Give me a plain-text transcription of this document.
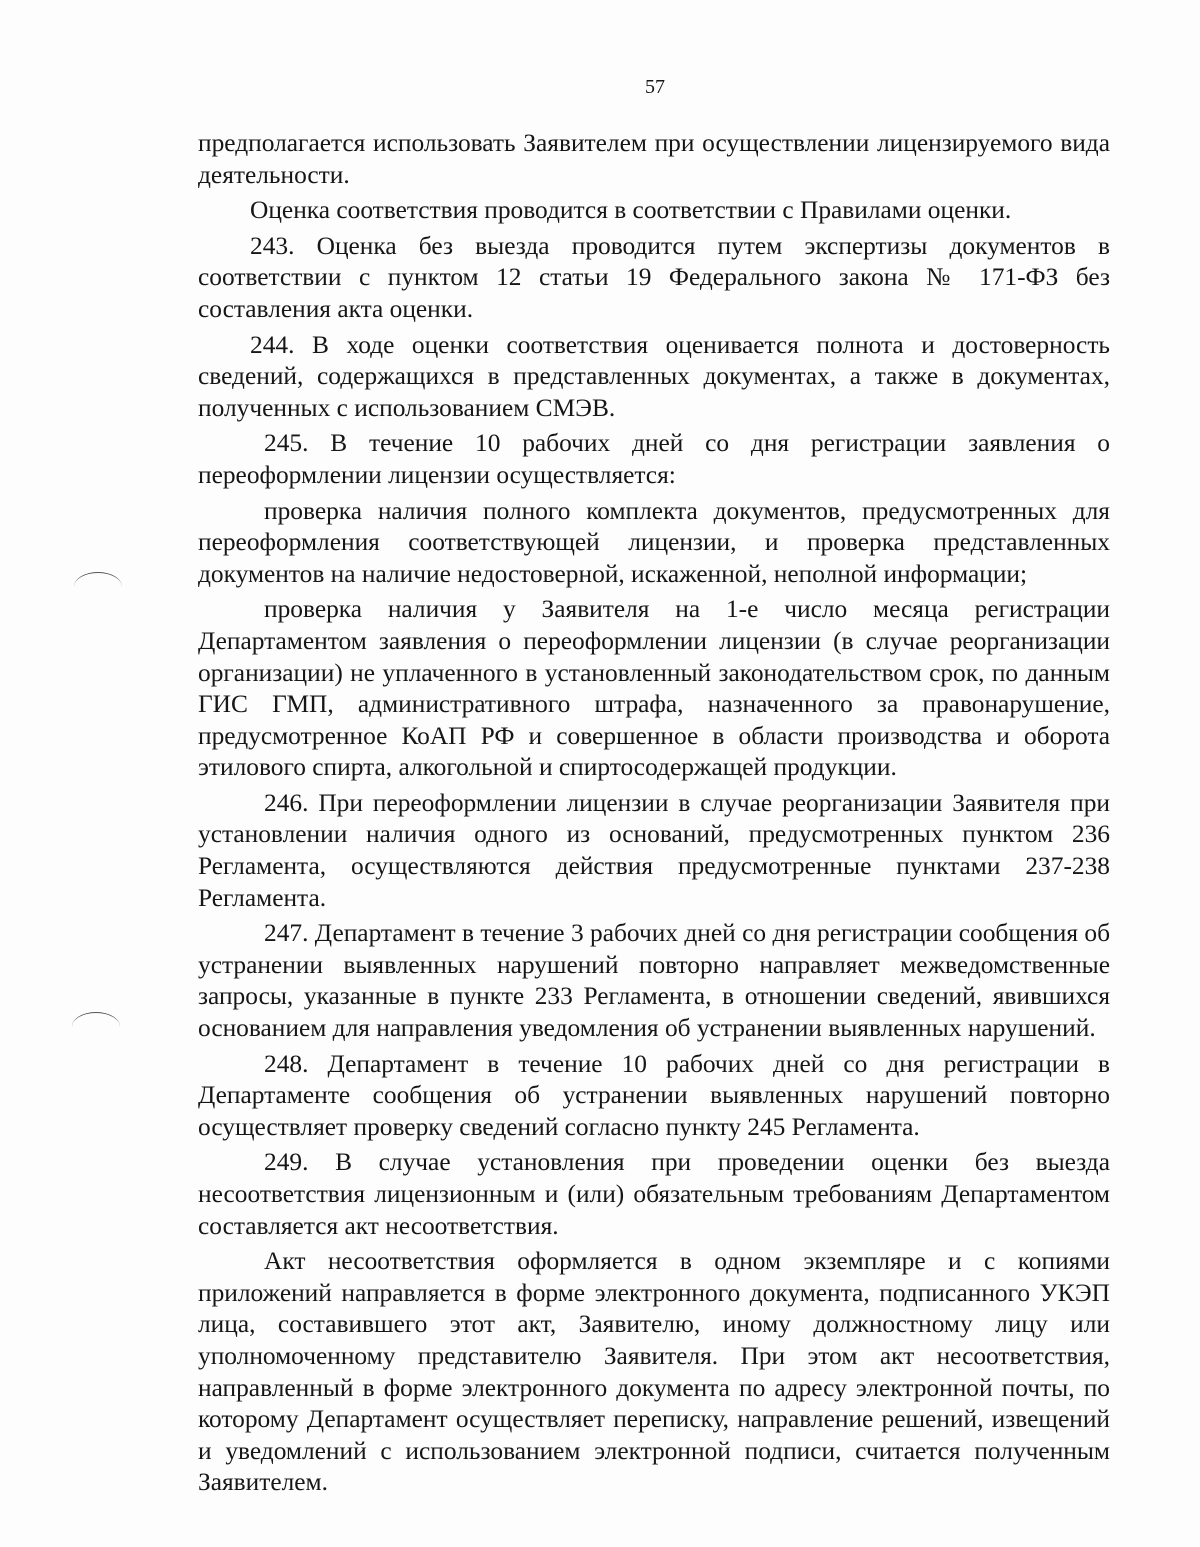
57

предполагается использовать Заявителем при осуществлении лицензируемого вида деятельности.

Оценка соответствия проводится в соответствии с Правилами оценки.

243. Оценка без выезда проводится путем экспертизы документов в соответствии с пунктом 12 статьи 19 Федерального закона № 171-ФЗ без составления акта оценки.

244. В ходе оценки соответствия оценивается полнота и достоверность сведений, содержащихся в представленных документах, а также в документах, полученных с использованием СМЭВ.

245. В течение 10 рабочих дней со дня регистрации заявления о переоформлении лицензии осуществляется:

проверка наличия полного комплекта документов, предусмотренных для переоформления соответствующей лицензии, и проверка представленных документов на наличие недостоверной, искаженной, неполной информации;

проверка наличия у Заявителя на 1-е число месяца регистрации Департаментом заявления о переоформлении лицензии (в случае реорганизации организации) не уплаченного в установленный законодательством срок, по данным ГИС ГМП, административного штрафа, назначенного за правонарушение, предусмотренное КоАП РФ и совершенное в области производства и оборота этилового спирта, алкогольной и спиртосодержащей продукции.

246. При переоформлении лицензии в случае реорганизации Заявителя при установлении наличия одного из оснований, предусмотренных пунктом 236 Регламента, осуществляются действия предусмотренные пунктами 237-238 Регламента.

247. Департамент в течение 3 рабочих дней со дня регистрации сообщения об устранении выявленных нарушений повторно направляет межведомственные запросы, указанные в пункте 233 Регламента, в отношении сведений, явившихся основанием для направления уведомления об устранении выявленных нарушений.

248. Департамент в течение 10 рабочих дней со дня регистрации в Департаменте сообщения об устранении выявленных нарушений повторно осуществляет проверку сведений согласно пункту 245 Регламента.

249. В случае установления при проведении оценки без выезда несоответствия лицензионным и (или) обязательным требованиям Департаментом составляется акт несоответствия.

Акт несоответствия оформляется в одном экземпляре и с копиями приложений направляется в форме электронного документа, подписанного УКЭП лица, составившего этот акт, Заявителю, иному должностному лицу или уполномоченному представителю Заявителя. При этом акт несоответствия, направленный в форме электронного документа по адресу электронной почты, по которому Департамент осуществляет переписку, направление решений, извещений и уведомлений с использованием электронной подписи, считается полученным Заявителем.
